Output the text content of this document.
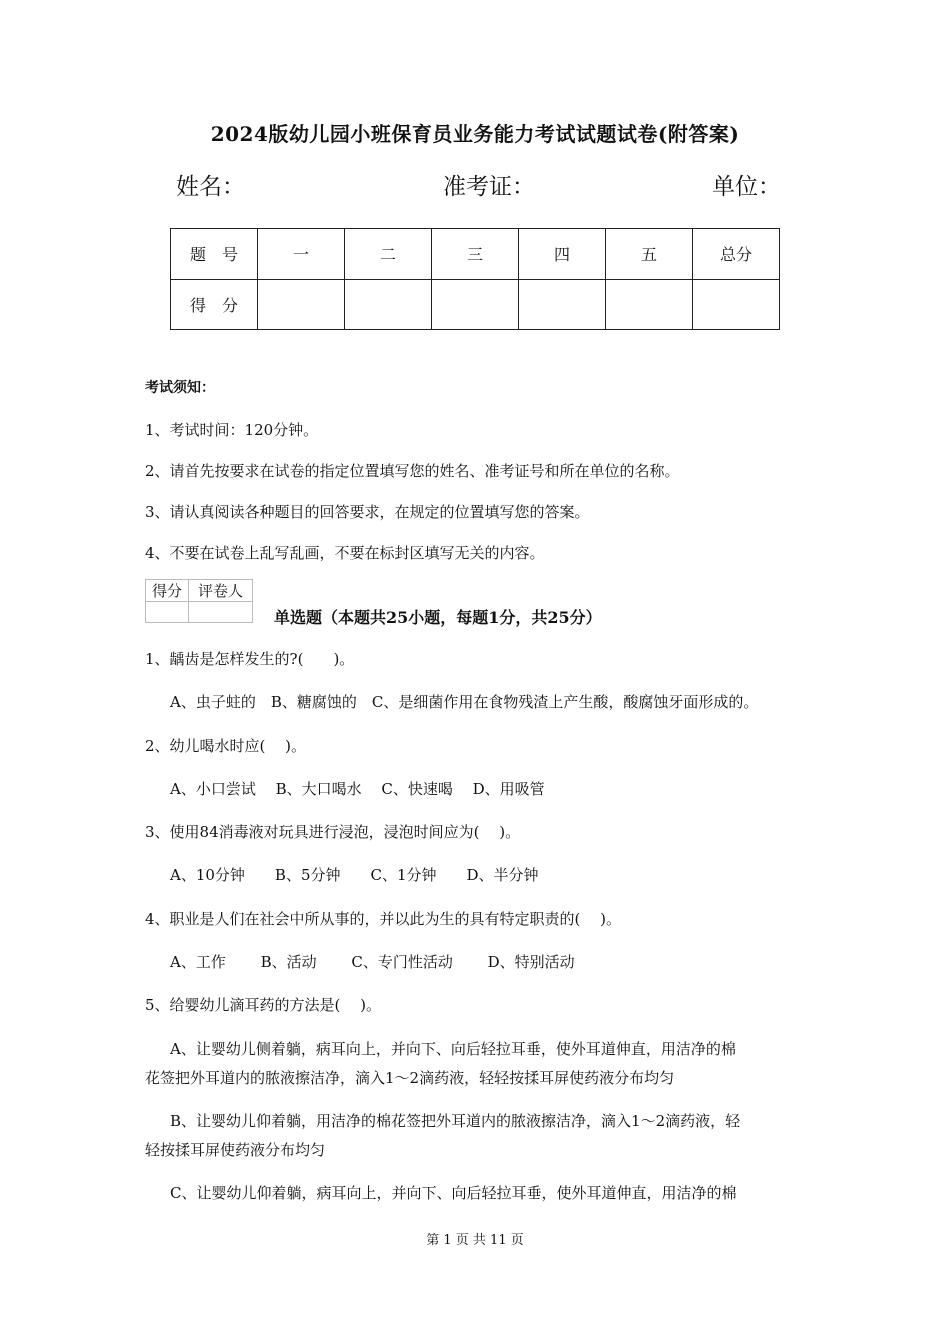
2024版幼儿园小班保育员业务能力考试试题试卷(附答案)
姓名：	准考证：	单位：
题　号	一	二	三	四	五	总分
得　分						
考试须知：
1、考试时间：120分钟。
2、请首先按要求在试卷的指定位置填写您的姓名、准考证号和所在单位的名称。
3、请认真阅读各种题目的回答要求，在规定的位置填写您的答案。
4、不要在试卷上乱写乱画，不要在标封区填写无关的内容。
得分	评卷人

单选题（本题共25小题，每题1分，共25分）
1、龋齿是怎样发生的?(　　)。
A、虫子蛀的　B、糖腐蚀的　C、是细菌作用在食物残渣上产生酸，酸腐蚀牙面形成的。
2、幼儿喝水时应(　 )。
A、小口尝试　 B、大口喝水　 C、快速喝　 D、用吸管
3、使用84消毒液对玩具进行浸泡，浸泡时间应为(　 )。
A、10分钟　　B、5分钟　　C、1分钟　　D、半分钟
4、职业是人们在社会中所从事的，并以此为生的具有特定职责的(　 )。
A、工作　　 B、活动　　 C、专门性活动　　 D、特别活动
5、给婴幼儿滴耳药的方法是(　 )。
A、让婴幼儿侧着躺，病耳向上，并向下、向后轻拉耳垂，使外耳道伸直，用洁净的棉
花签把外耳道内的脓液擦洁净，滴入1～2滴药液，轻轻按揉耳屏使药液分布均匀
B、让婴幼儿仰着躺，用洁净的棉花签把外耳道内的脓液擦洁净，滴入1～2滴药液，轻
轻按揉耳屏使药液分布均匀
C、让婴幼儿仰着躺，病耳向上，并向下、向后轻拉耳垂，使外耳道伸直，用洁净的棉
第 1 页 共 11 页
